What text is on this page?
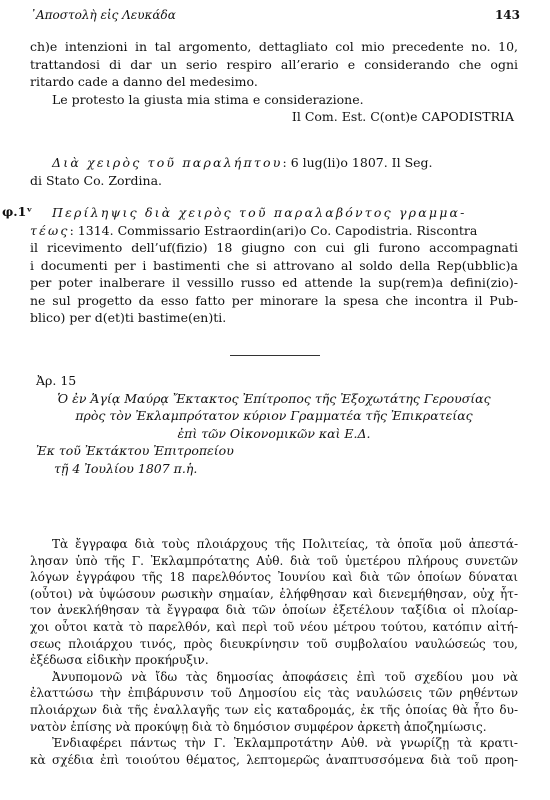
᾿Αποστολὴ εἰς Λευκάδα	143
ch)e intenzioni in tal argomento, dettagliato col mio precedente no. 10,
trattandosi di dar un serio respiro all’erario e considerando che ogni
ritardo cade a danno del medesimo.
Le protesto la giusta mia stima e considerazione.
Il Com. Est. C(ont)e CAPODISTRIA
Διὰ χειρὸς τοῦ παραλήπτου: 6 lug(li)o 1807. Il Seg.
di Stato Co. Zordina.
φ.1ᵛ	Περίληψις διὰ χειρὸς τοῦ παραλαβόντος γραμμα-
τέως: 1314. Commissario Estraordin(ari)o Co. Capodistria. Riscontra
il ricevimento dell’uf(fizio) 18 giugno con cui gli furono accompagnati
i documenti per i bastimenti che si attrovano al soldo della Rep(ubblic)a
per poter inalberare il vessillo russo ed attende la sup(rem)a defini(zio)-
ne sul progetto da esso fatto per minorare la spesa che incontra il Pub-
blico) per d(et)ti bastime(en)ti.
Ἀρ. 15
Ὁ ἐν Ἁγίᾳ Μαύρᾳ Ἔκτακτος Ἐπίτροπος τῆς Ἐξοχωτάτης Γερουσίας
πρὸς τὸν Ἐκλαμπρότατον κύριον Γραμματέα τῆς Ἐπικρατείας
ἐπὶ τῶν Οἰκονομικῶν καὶ Ε.Δ.
Ἐκ τοῦ Ἐκτάκτου Ἐπιτροπείου
τῇ 4 Ἰουλίου 1807 π.ἡ.
Τὰ ἔγγραφα διὰ τοὺς πλοιάρχους τῆς Πολιτείας, τὰ ὁποῖα μοῦ ἀπεστά-
λησαν ὑπὸ τῆς Γ. Ἐκλαμπρότατης Αὐθ. διὰ τοῦ ὑμετέρου πλήρους συνετῶν
λόγων ἐγγράφου τῆς 18 παρελθόντος Ἰουνίου καὶ διὰ τῶν ὁποίων δύναται
(οὗτοι) νὰ ὑψώσουν ρωσικὴν σημαίαν, ἐλήφθησαν καὶ διενεμήθησαν, οὐχ ἧτ-
τον ἀνεκλήθησαν τὰ ἔγγραφα διὰ τῶν ὁποίων ἐξετέλουν ταξίδια οἱ πλοίαρ-
χοι οὗτοι κατὰ τὸ παρελθόν, καὶ περὶ τοῦ νέου μέτρου τούτου, κατόπιν αἰτή-
σεως πλοιάρχου τινός, πρὸς διευκρίνησιν τοῦ συμβολαίου ναυλώσεώς του,
ἐξέδωσα εἰδικὴν προκήρυξιν.
Ἀνυπομονῶ νὰ ἴδω τὰς δημοσίας ἀποφάσεις ἐπὶ τοῦ σχεδίου μου νὰ
ἐλαττώσω τὴν ἐπιβάρυνσιν τοῦ Δημοσίου εἰς τὰς ναυλώσεις τῶν ρηθέντων
πλοιάρχων διὰ τῆς ἐναλλαγῆς των εἰς καταδρομάς, ἐκ τῆς ὁποίας θὰ ἦτο δυ-
νατὸν ἐπίσης νὰ προκύψῃ διὰ τὸ δημόσιον συμφέρον ἀρκετὴ ἀποζημίωσις.
Ἐνδιαφέρει πάντως τὴν Γ. Ἐκλαμπροτάτην Αὐθ. νὰ γνωρίζῃ τὰ κρατι-
κὰ σχέδια ἐπὶ τοιούτου θέματος, λεπτομερῶς ἀναπτυσσόμενα διὰ τοῦ προη-
